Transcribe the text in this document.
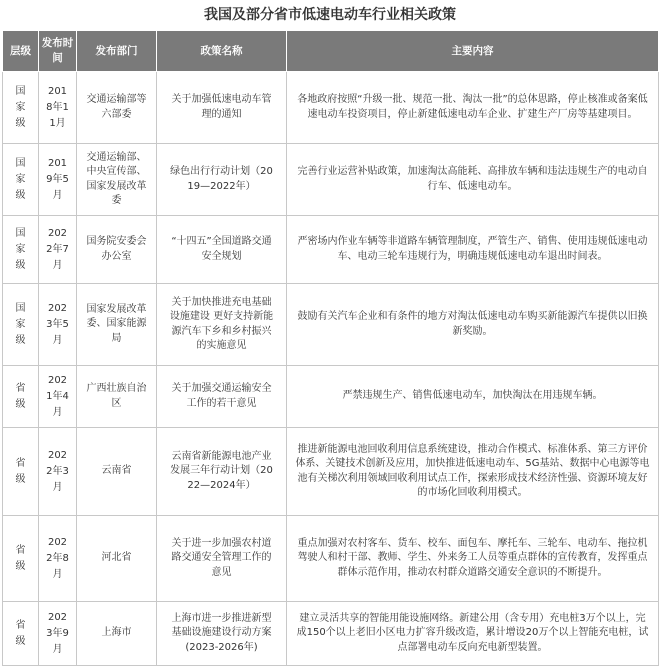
我国及部分省市低速电动车行业相关政策
层级	发布时间	发布部门	政策名称	主要内容
国家级	2018年11月	交通运输部等六部委	关于加强低速电动车管理的通知	各地政府按照“升级一批、规范一批、淘汰一批”的总体思路，停止核准或备案低速电动车投资项目，停止新建低速电动车企业、扩建生产厂房等基建项目。
国家级	2019年5月	交通运输部、中央宣传部、国家发展改革委	绿色出行行动计划（2019—2022年）	完善行业运营补贴政策，加速淘汰高能耗、高排放车辆和违法违规生产的电动自行车、低速电动车。
国家级	2022年7月	国务院安委会办公室	“十四五”全国道路交通安全规划	严密场内作业车辆等非道路车辆管理制度，严管生产、销售、使用违规低速电动车、电动三轮车违规行为，明确违规低速电动车退出时间表。
国家级	2023年5月	国家发展改革委、国家能源局	关于加快推进充电基础设施建设 更好支持新能源汽车下乡和乡村振兴的实施意见	鼓励有关汽车企业和有条件的地方对淘汰低速电动车购买新能源汽车提供以旧换新奖励。
省级	2021年4月	广西壮族自治区	关于加强交通运输安全工作的若干意见	严禁违规生产、销售低速电动车，加快淘汰在用违规车辆。
省级	2022年3月	云南省	云南省新能源电池产业发展三年行动计划（2022—2024年）	推进新能源电池回收利用信息系统建设，推动合作模式、标准体系、第三方评价体系、关键技术创新及应用，加快推进低速电动车、5G基站、数据中心电源等电池有关梯次利用领域回收利用试点工作，探索形成技术经济性强、资源环境友好的市场化回收利用模式。
省级	2022年8月	河北省	关于进一步加强农村道路交通安全管理工作的意见	重点加强对农村客车、货车、校车、面包车、摩托车、三轮车、电动车、拖拉机驾驶人和村干部、教师、学生、外来务工人员等重点群体的宣传教育，发挥重点群体示范作用，推动农村群众道路交通安全意识的不断提升。
省级	2023年9月	上海市	上海市进一步推进新型基础设施建设行动方案(2023-2026年)	建立灵活共享的智能用能设施网络。新建公用（含专用）充电桩3万个以上，完成150个以上老旧小区电力扩容升级改造，累计增设20万个以上智能充电桩，试点部署电动车反向充电新型装置。
